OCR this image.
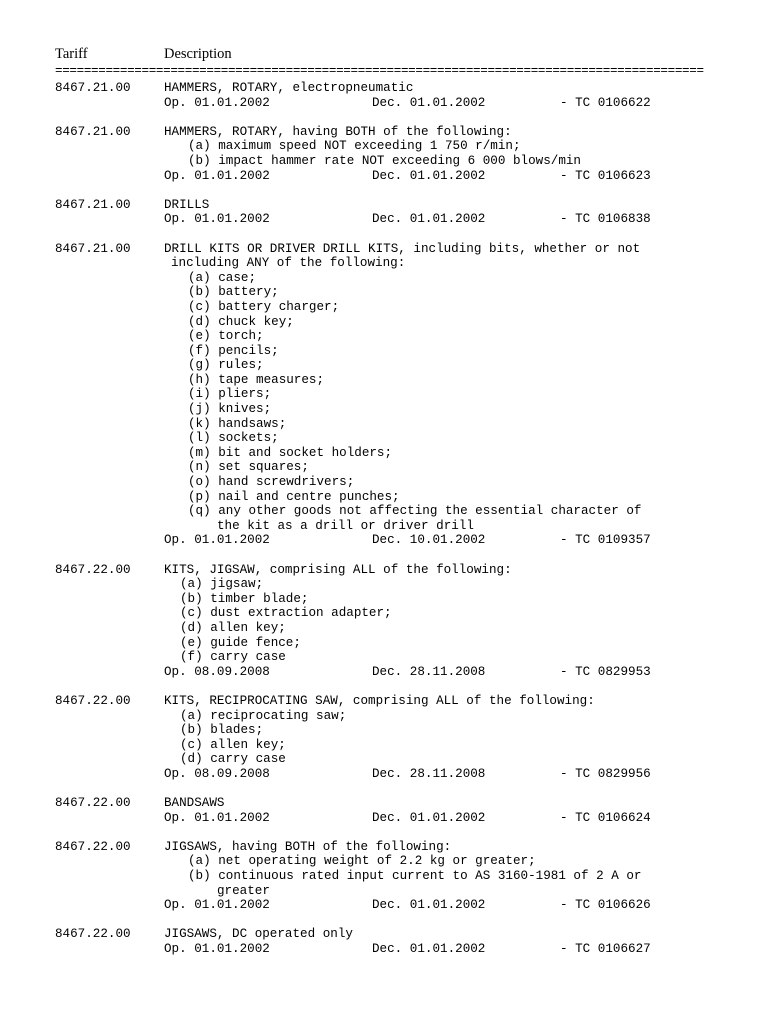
Tariff	Description
==========================================================================================
8467.21.00	HAMMERS, ROTARY, electropneumatic
Op. 01.01.2002	Dec. 01.01.2002	- TC 0106622
8467.21.00	HAMMERS, ROTARY, having BOTH of the following:
(a) maximum speed NOT exceeding 1 750 r/min;
(b) impact hammer rate NOT exceeding 6 000 blows/min
Op. 01.01.2002	Dec. 01.01.2002	- TC 0106623
8467.21.00	DRILLS
Op. 01.01.2002	Dec. 01.01.2002	- TC 0106838
8467.21.00	DRILL KITS OR DRIVER DRILL KITS, including bits, whether or not
including ANY of the following:
(a) case;
(b) battery;
(c) battery charger;
(d) chuck key;
(e) torch;
(f) pencils;
(g) rules;
(h) tape measures;
(i) pliers;
(j) knives;
(k) handsaws;
(l) sockets;
(m) bit and socket holders;
(n) set squares;
(o) hand screwdrivers;
(p) nail and centre punches;
(q) any other goods not affecting the essential character of
the kit as a drill or driver drill
Op. 01.01.2002	Dec. 10.01.2002	- TC 0109357
8467.22.00	KITS, JIGSAW, comprising ALL of the following:
(a) jigsaw;
(b) timber blade;
(c) dust extraction adapter;
(d) allen key;
(e) guide fence;
(f) carry case
Op. 08.09.2008	Dec. 28.11.2008	- TC 0829953
8467.22.00	KITS, RECIPROCATING SAW, comprising ALL of the following:
(a) reciprocating saw;
(b) blades;
(c) allen key;
(d) carry case
Op. 08.09.2008	Dec. 28.11.2008	- TC 0829956
8467.22.00	BANDSAWS
Op. 01.01.2002	Dec. 01.01.2002	- TC 0106624
8467.22.00	JIGSAWS, having BOTH of the following:
(a) net operating weight of 2.2 kg or greater;
(b) continuous rated input current to AS 3160-1981 of 2 A or
greater
Op. 01.01.2002	Dec. 01.01.2002	- TC 0106626
8467.22.00	JIGSAWS, DC operated only
Op. 01.01.2002	Dec. 01.01.2002	- TC 0106627
